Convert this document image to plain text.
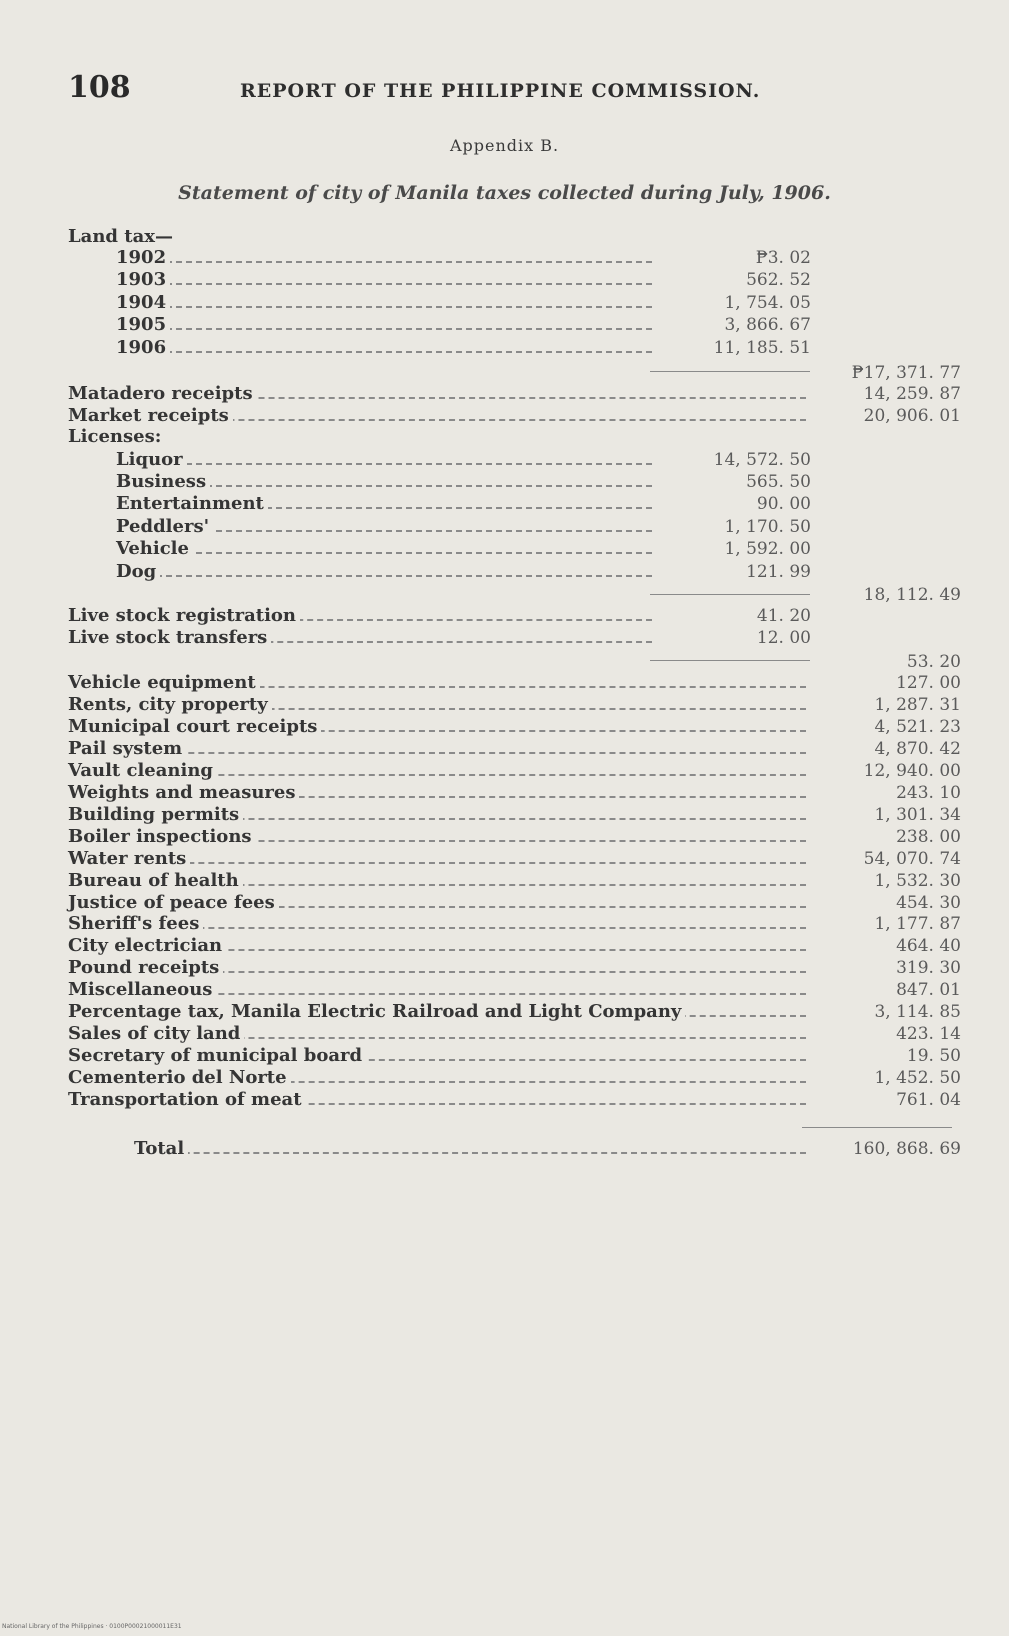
108	REPORT OF THE PHILIPPINE COMMISSION.
Appendix B.
Statement of city of Manila taxes collected during July, 1906.
Land tax—
1902	₱3. 02
1903	562. 52
1904	1, 754. 05
1905	3, 866. 67
1906	11, 185. 51
₱17, 371. 77
Matadero receipts	14, 259. 87
Market receipts	20, 906. 01
Licenses:
Liquor	14, 572. 50
Business	565. 50
Entertainment	90. 00
Peddlers'	1, 170. 50
Vehicle	1, 592. 00
Dog	121. 99
18, 112. 49
Live stock registration	41. 20
Live stock transfers	12. 00
53. 20
Vehicle equipment	127. 00
Rents, city property	1, 287. 31
Municipal court receipts	4, 521. 23
Pail system	4, 870. 42
Vault cleaning	12, 940. 00
Weights and measures	243. 10
Building permits	1, 301. 34
Boiler inspections	238. 00
Water rents	54, 070. 74
Bureau of health	1, 532. 30
Justice of peace fees	454. 30
Sheriff's fees	1, 177. 87
City electrician	464. 40
Pound receipts	319. 30
Miscellaneous	847. 01
Percentage tax, Manila Electric Railroad and Light Company	3, 114. 85
Sales of city land	423. 14
Secretary of municipal board	19. 50
Cementerio del Norte	1, 452. 50
Transportation of meat	761. 04
Total	160, 868. 69
National Library of the Philippines · 0100P00021000011E31
